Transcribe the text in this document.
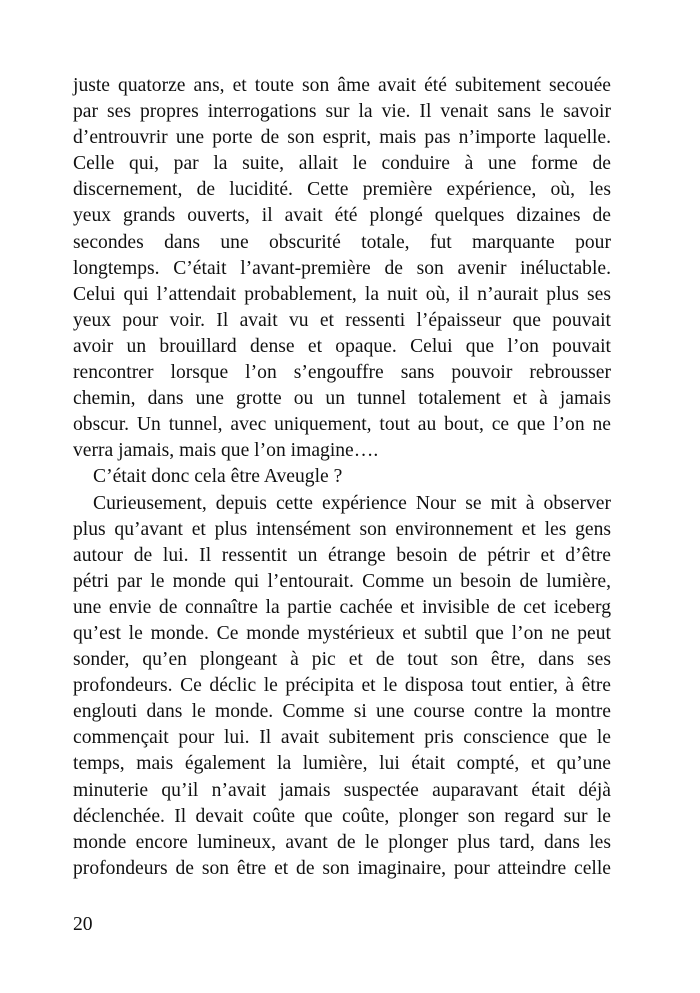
juste quatorze ans, et toute son âme avait été subitement secouée
par ses propres interrogations sur la vie. Il venait sans le savoir
d’entrouvrir une porte de son esprit, mais pas n’importe laquelle.
Celle qui, par la suite, allait le conduire à une forme de
discernement, de lucidité. Cette première expérience, où, les
yeux grands ouverts, il avait été plongé quelques dizaines de
secondes dans une obscurité totale, fut marquante pour
longtemps. C’était l’avant-première de son avenir inéluctable.
Celui qui l’attendait probablement, la nuit où, il n’aurait plus ses
yeux pour voir. Il avait vu et ressenti l’épaisseur que pouvait
avoir un brouillard dense et opaque. Celui que l’on pouvait
rencontrer lorsque l’on s’engouffre sans pouvoir rebrousser
chemin, dans une grotte ou un tunnel totalement et à jamais
obscur. Un tunnel, avec uniquement, tout au bout, ce que l’on ne
verra jamais, mais que l’on imagine….
C’était donc cela être Aveugle ?
Curieusement, depuis cette expérience Nour se mit à observer
plus qu’avant et plus intensément son environnement et les gens
autour de lui. Il ressentit un étrange besoin de pétrir et d’être
pétri par le monde qui l’entourait. Comme un besoin de lumière,
une envie de connaître la partie cachée et invisible de cet iceberg
qu’est le monde. Ce monde mystérieux et subtil que l’on ne peut
sonder, qu’en plongeant à pic et de tout son être, dans ses
profondeurs. Ce déclic le précipita et le disposa tout entier, à être
englouti dans le monde. Comme si une course contre la montre
commençait pour lui. Il avait subitement pris conscience que le
temps, mais également la lumière, lui était compté, et qu’une
minuterie qu’il n’avait jamais suspectée auparavant était déjà
déclenchée. Il devait coûte que coûte, plonger son regard sur le
monde encore lumineux, avant de le plonger plus tard, dans les
profondeurs de son être et de son imaginaire, pour atteindre celle
20
